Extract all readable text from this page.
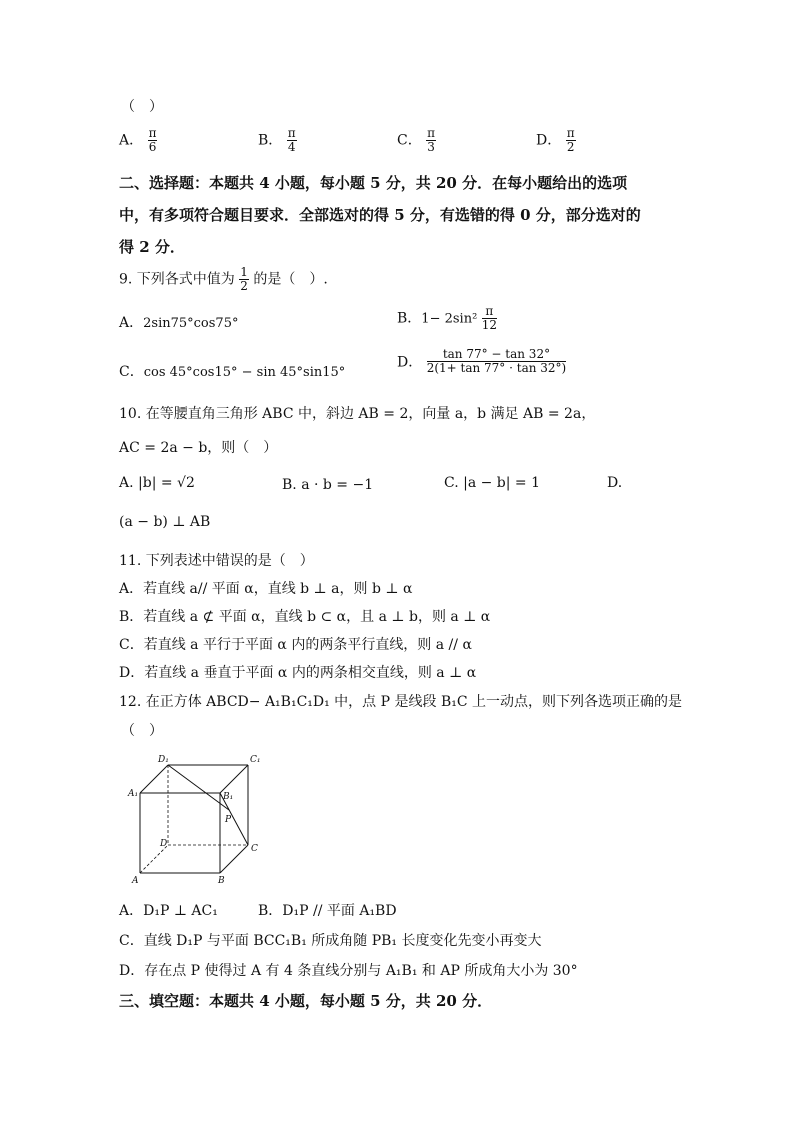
（　）
A． $\frac{\pi}{6}$	B． $\frac{\pi}{4}$	C． $\frac{\pi}{3}$	D． $\frac{\pi}{2}$
二、选择题：本题共 4 小题，每小题 5 分，共 20 分．在每小题给出的选项
中，有多项符合题目要求．全部选对的得 5 分，有选错的得 0 分，部分选对的
得 2 分．
9. 下列各式中值为 $\frac{1}{2}$ 的是（　）.
A．2sin75°cos75°	B．$1- 2\sin^2 \frac{\pi}{12}$
C．cos 45°cos15° − sin 45°sin15°
D． $\frac{\tan 77^\circ - \tan 32^\circ}{2(1+ \tan 77^\circ \cdot \tan 32^\circ)}$
10. 在等腰直角三角形 ABC 中，斜边 AB = 2，向量 a，b 满足 AB = 2a，
AC = 2a − b，则（　）
A. |b| = √2	B. a · b = −1	C. |a − b| = 1	D.
(a − b) ⊥ AB
11. 下列表述中错误的是（　）
A．若直线 a// 平面 α，直线 b ⊥ a，则 b ⊥ α
B．若直线 a ⊄ 平面 α，直线 b ⊂ α，且 a ⊥ b，则 a ⊥ α
C．若直线 a 平行于平面 α 内的两条平行直线，则 a // α
D．若直线 a 垂直于平面 α 内的两条相交直线，则 a ⊥ α
12. 在正方体 ABCD− A₁B₁C₁D₁ 中，点 P 是线段 B₁C 上一动点，则下列各选项正确的是
（　）
D₁	C₁
A₁	B₁
P
D	C
A	B
A．D₁P ⊥ AC₁	B．D₁P // 平面 A₁BD
C．直线 D₁P 与平面 BCC₁B₁ 所成角随 PB₁ 长度变化先变小再变大
D．存在点 P 使得过 A 有 4 条直线分别与 A₁B₁ 和 AP 所成角大小为 30°
三、填空题：本题共 4 小题，每小题 5 分，共 20 分．
